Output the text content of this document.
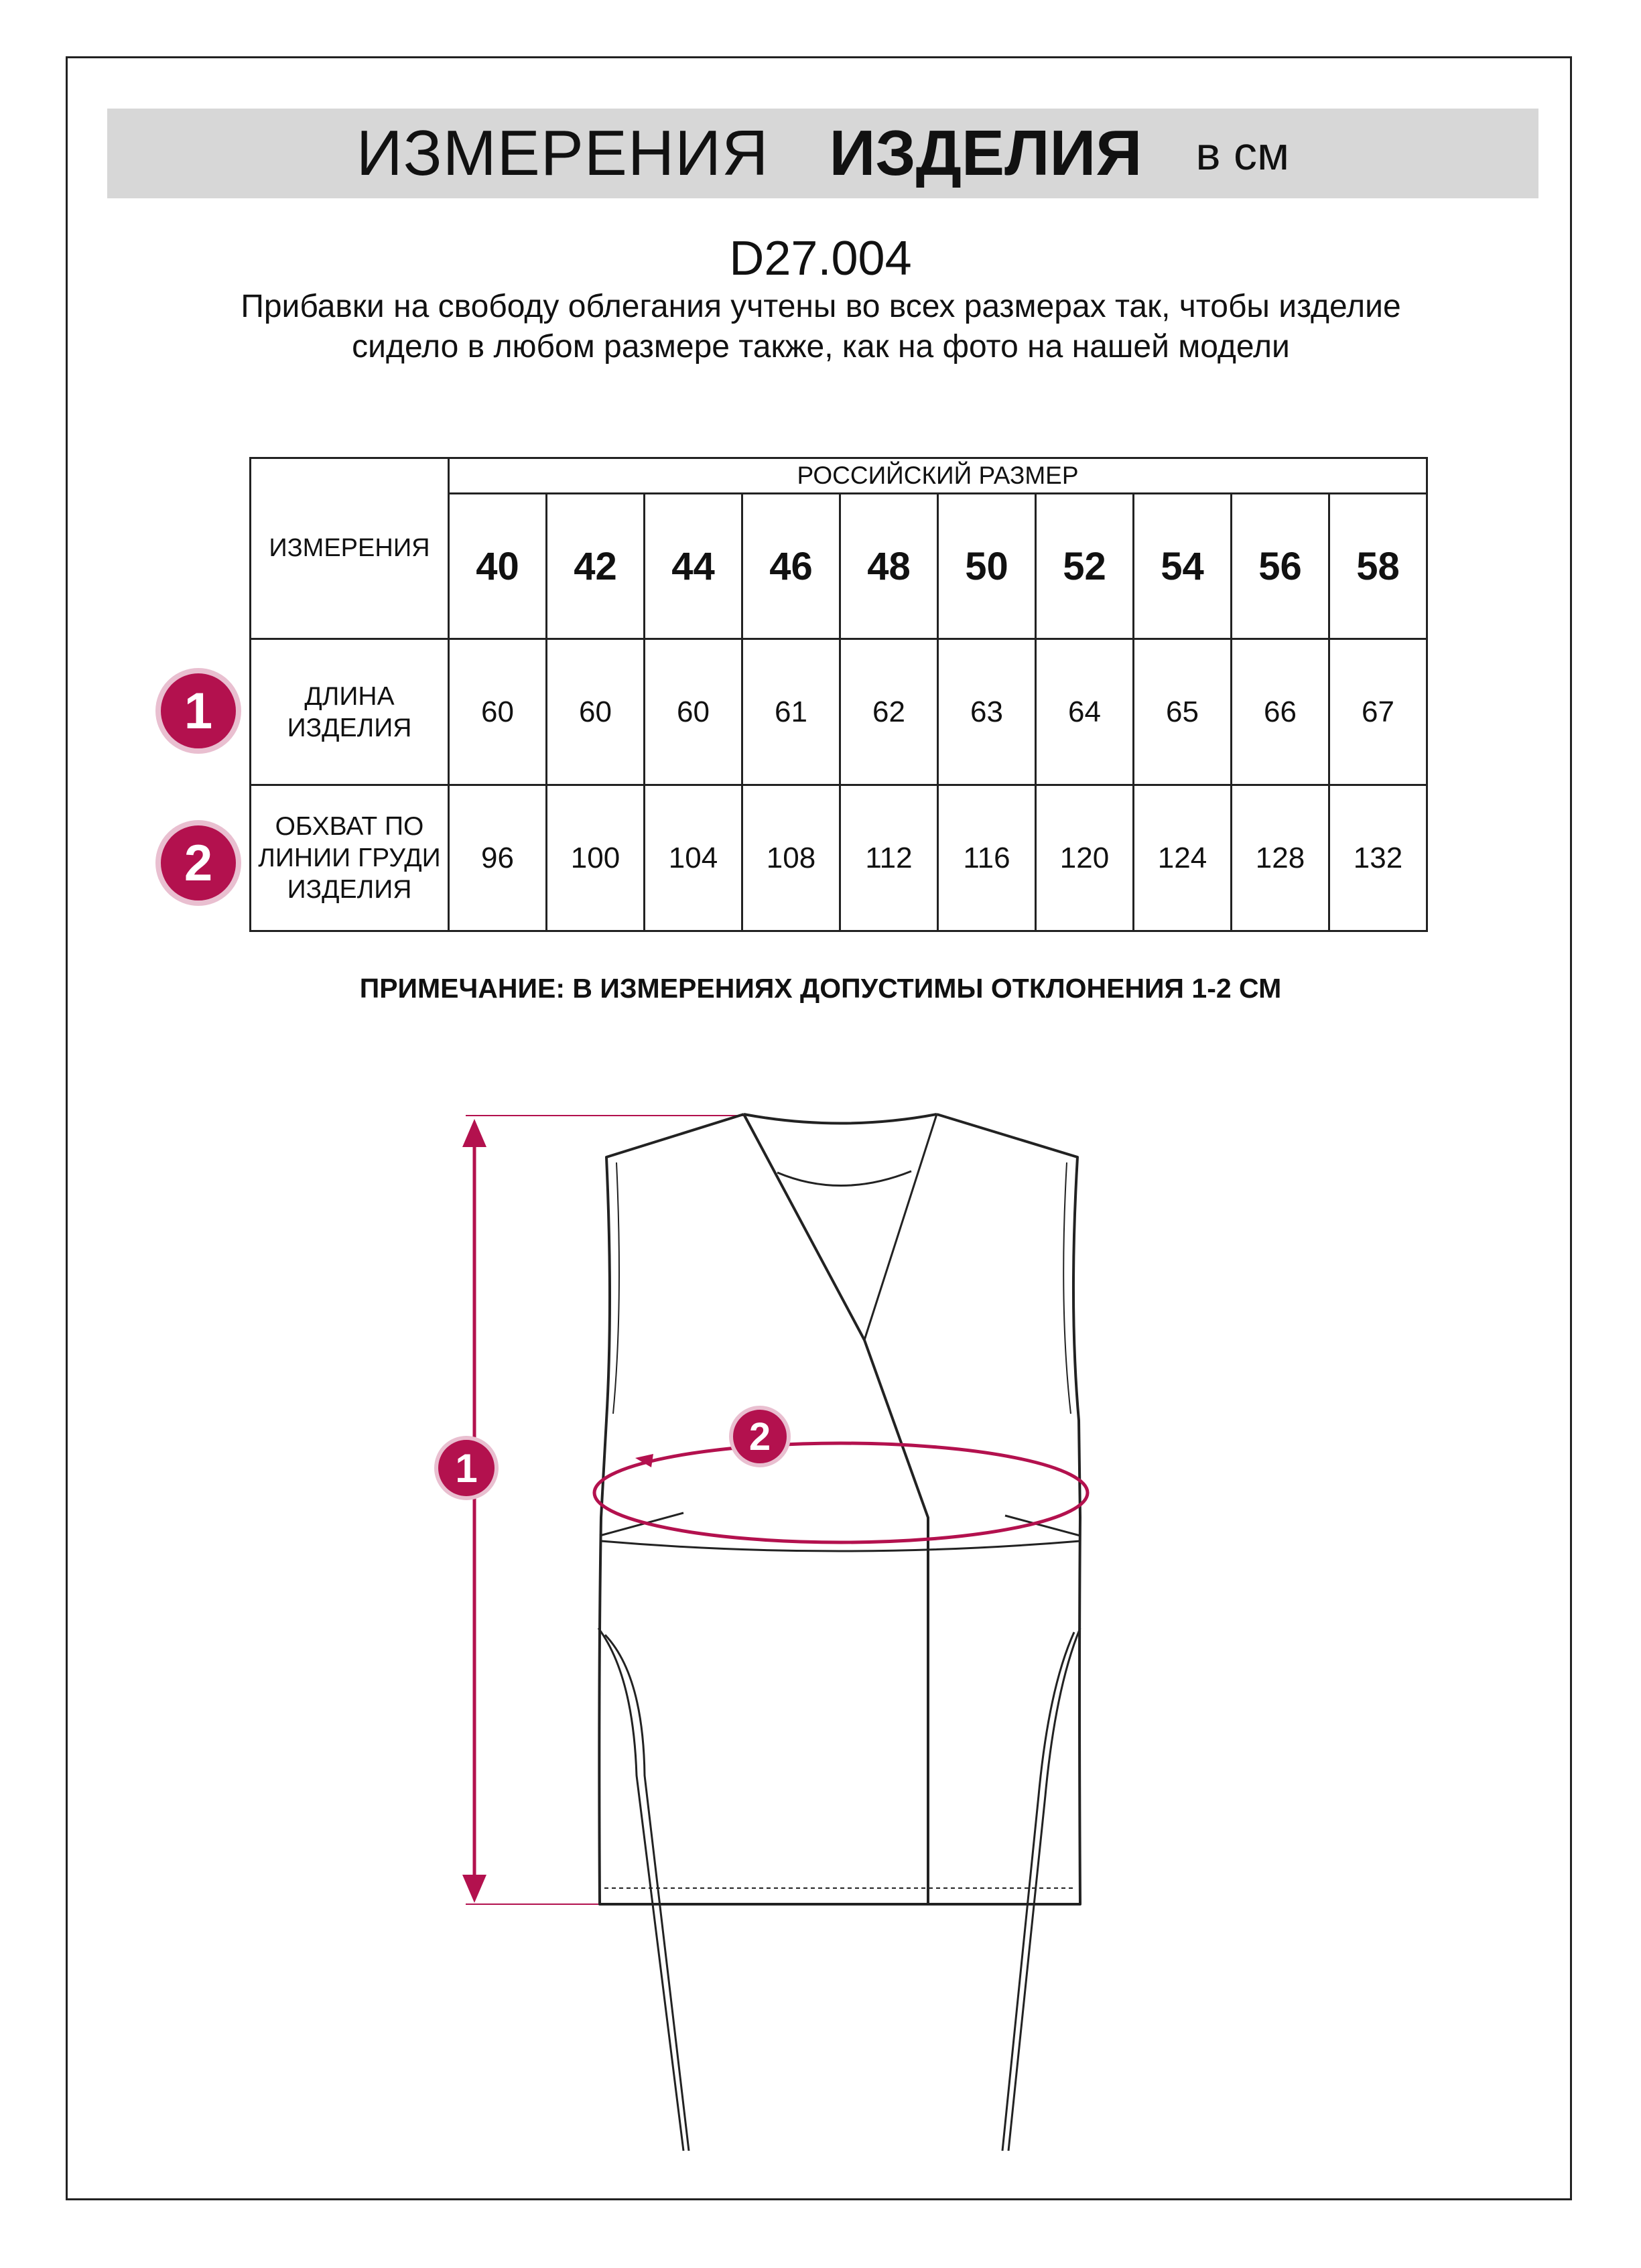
ИЗМЕРЕНИЯ ИЗДЕЛИЯ в см
D27.004
Прибавки на свободу облегания учтены во всех размерах так, чтобы изделие сидело в любом размере также, как на фото на нашей модели
ИЗМЕРЕНИЯ	РОССИЙСКИЙ РАЗМЕР									
	40	42	44	46	48	50	52	54	56	58
ДЛИНА ИЗДЕЛИЯ	60	60	60	61	62	63	64	65	66	67
ОБХВАТ ПО ЛИНИИ ГРУДИ ИЗДЕЛИЯ	96	100	104	108	112	116	120	124	128	132
1
2
ПРИМЕЧАНИЕ: В ИЗМЕРЕНИЯХ ДОПУСТИМЫ ОТКЛОНЕНИЯ 1-2 СМ
1
2
